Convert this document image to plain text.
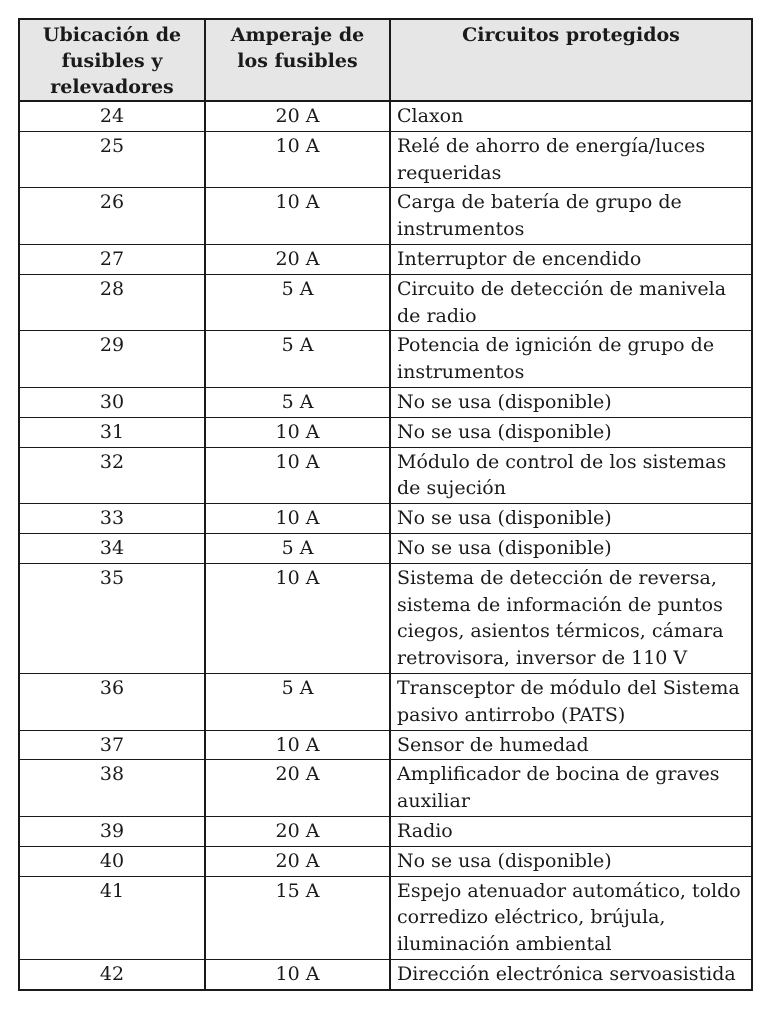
Ubicación de fusibles y relevadores	Amperaje de los fusibles	Circuitos protegidos
24	20 A	Claxon
25	10 A	Relé de ahorro de energía/luces requeridas
26	10 A	Carga de batería de grupo de instrumentos
27	20 A	Interruptor de encendido
28	5 A	Circuito de detección de manivela de radio
29	5 A	Potencia de ignición de grupo de instrumentos
30	5 A	No se usa (disponible)
31	10 A	No se usa (disponible)
32	10 A	Módulo de control de los sistemas de sujeción
33	10 A	No se usa (disponible)
34	5 A	No se usa (disponible)
35	10 A	Sistema de detección de reversa, sistema de información de puntos ciegos, asientos térmicos, cámara retrovisora, inversor de 110 V
36	5 A	Transceptor de módulo del Sistema pasivo antirrobo (PATS)
37	10 A	Sensor de humedad
38	20 A	Amplificador de bocina de graves auxiliar
39	20 A	Radio
40	20 A	No se usa (disponible)
41	15 A	Espejo atenuador automático, toldo corredizo eléctrico, brújula, iluminación ambiental
42	10 A	Dirección electrónica servoasistida
